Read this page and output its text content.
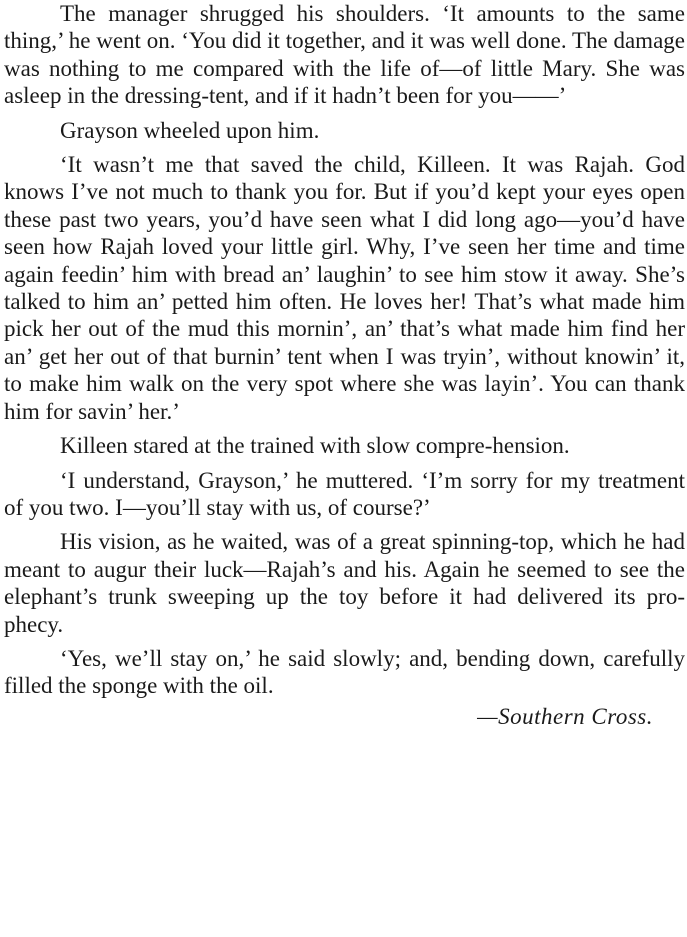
The manager shrugged his shoulders. ‘It amounts to the same thing,’ he went on. ‘You did it together, and it was well done. The damage was nothing to me compared with the life of—of little Mary. She was asleep in the dressing-tent, and if it hadn’t been for you——’

Grayson wheeled upon him.

‘It wasn’t me that saved the child, Killeen. It was Rajah. God knows I’ve not much to thank you for. But if you’d kept your eyes open these past two years, you’d have seen what I did long ago—you’d have seen how Rajah loved your little girl. Why, I’ve seen her time and time again feedin’ him with bread an’ laughin’ to see him stow it away. She’s talked to him an’ petted him often. He loves her! That’s what made him pick her out of the mud this mornin’, an’ that’s what made him find her an’ get her out of that burnin’ tent when I was tryin’, without knowin’ it, to make him walk on the very spot where she was layin’. You can thank him for savin’ her.’

Killeen stared at the trained with slow compre-hension.

‘I understand, Grayson,’ he muttered. ‘I’m sorry for my treatment of you two. I—you’ll stay with us, of course?’

His vision, as he waited, was of a great spinning-top, which he had meant to augur their luck—Rajah’s and his. Again he seemed to see the elephant’s trunk sweeping up the toy before it had delivered its pro-phecy.

‘Yes, we’ll stay on,’ he said slowly; and, bending down, carefully filled the sponge with the oil.

—Southern Cross.
